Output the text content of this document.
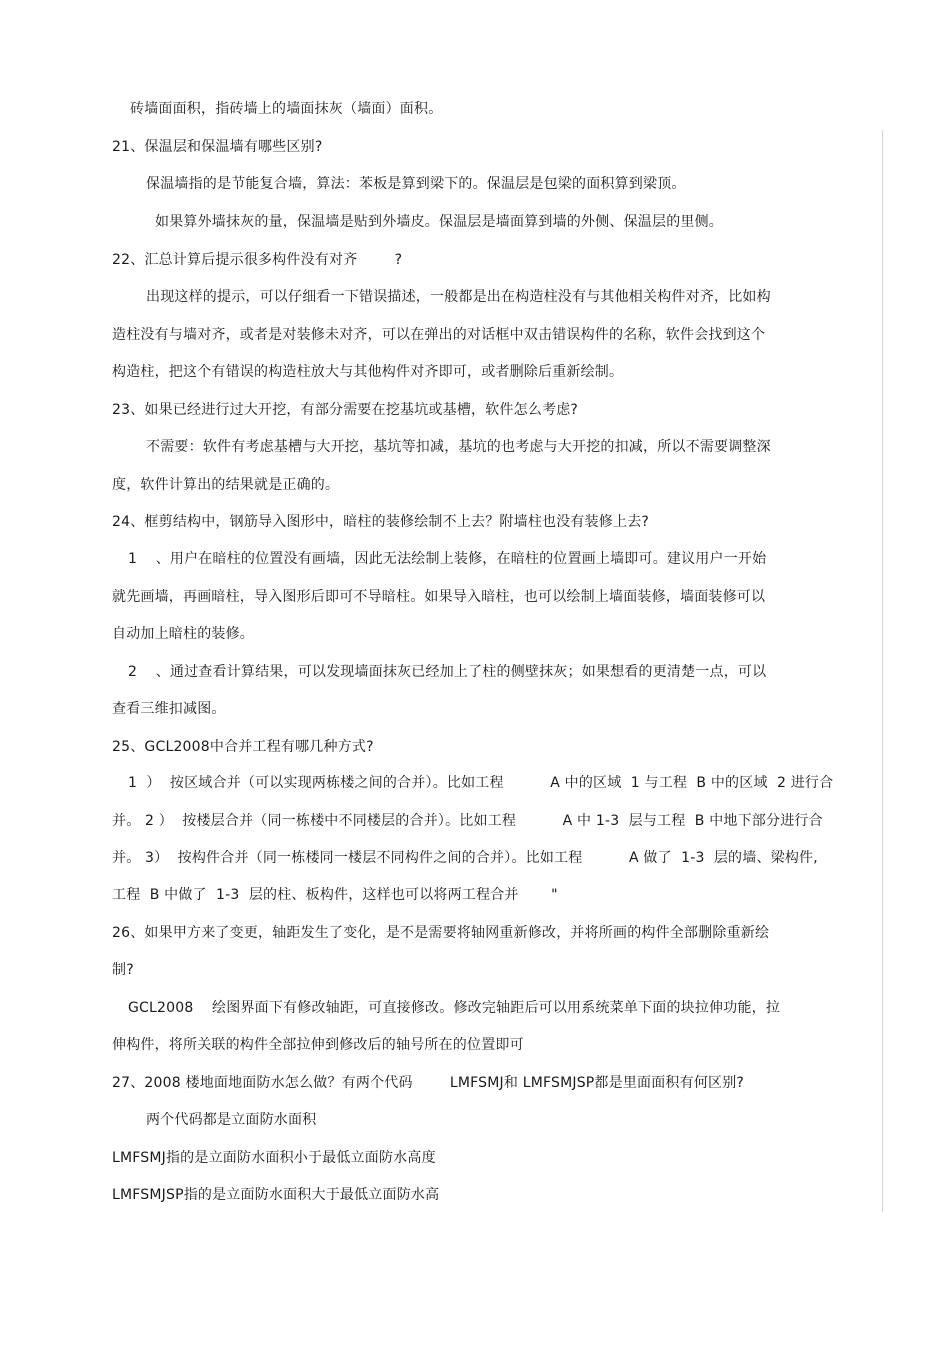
砖墙面面积，指砖墙上的墙面抹灰（墙面）面积。
21、保温层和保温墙有哪些区别?
保温墙指的是节能复合墙，算法：苯板是算到梁下的。保温层是包梁的面积算到梁顶。
如果算外墙抹灰的量，保温墙是贴到外墙皮。保温层是墙面算到墙的外侧、保温层的里侧。
22、汇总计算后提示很多构件没有对齐        ?
出现这样的提示，可以仔细看一下错误描述，一般都是出在构造柱没有与其他相关构件对齐，比如构
造柱没有与墙对齐，或者是对装修未对齐，可以在弹出的对话框中双击错误构件的名称，软件会找到这个
构造柱，把这个有错误的构造柱放大与其他构件对齐即可，或者删除后重新绘制。
23、如果已经进行过大开挖，有部分需要在挖基坑或基槽，软件怎么考虑?
不需要：软件有考虑基槽与大开挖，基坑等扣减，基坑的也考虑与大开挖的扣减，所以不需要调整深
度，软件计算出的结果就是正确的。
24、框剪结构中，钢筋导入图形中，暗柱的装修绘制不上去？附墙柱也没有装修上去?
1    、用户在暗柱的位置没有画墙，因此无法绘制上装修，在暗柱的位置画上墙即可。建议用户一开始
就先画墙，再画暗柱，导入图形后即可不导暗柱。如果导入暗柱，也可以绘制上墙面装修，墙面装修可以
自动加上暗柱的装修。
2    、通过查看计算结果，可以发现墙面抹灰已经加上了柱的侧壁抹灰；如果想看的更清楚一点，可以
查看三维扣减图。
25、GCL2008中合并工程有哪几种方式?
1  ）  按区域合并（可以实现两栋楼之间的合并）。比如工程          A 中的区域  1 与工程  B 中的区域  2 进行合
并。 2 ）  按楼层合并（同一栋楼中不同楼层的合并）。比如工程          A 中 1-3  层与工程  B 中地下部分进行合
并。 3）  按构件合并（同一栋楼同一楼层不同构件之间的合并）。比如工程          A 做了  1-3  层的墙、梁构件,
工程  B 中做了  1-3  层的柱、板构件，这样也可以将两工程合并       "
26、如果甲方来了变更，轴距发生了变化，是不是需要将轴网重新修改，并将所画的构件全部删除重新绘
制?
GCL2008    绘图界面下有修改轴距，可直接修改。修改完轴距后可以用系统菜单下面的块拉伸功能，拉
伸构件，将所关联的构件全部拉伸到修改后的轴号所在的位置即可
27、2008 楼地面地面防水怎么做？有两个代码        LMFSMJ和 LMFSMJSP都是里面面积有何区别?
两个代码都是立面防水面积
LMFSMJ指的是立面防水面积小于最低立面防水高度
LMFSMJSP指的是立面防水面积大于最低立面防水高
